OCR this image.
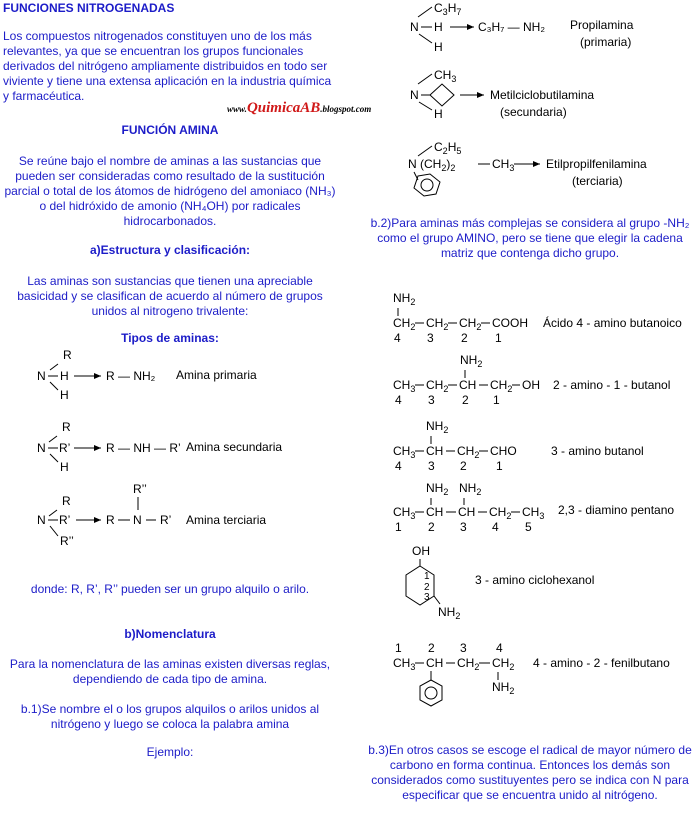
FUNCIONES NITROGENADAS
Los compuestos nitrogenados constituyen uno de los más relevantes, ya que se encuentran los grupos funcionales derivados del nitrógeno ampliamente distribuidos en todo ser viviente y tiene una extensa aplicación en la industria química y farmacéutica.
www.QuimicaAB.blogspot.com
FUNCIÓN AMINA
Se reúne bajo el nombre de aminas a las sustancias que pueden ser consideradas como resultado de la sustitución parcial o total de los átomos de hidrógeno del amoniaco (NH₃) o del hidróxido de amonio (NH₄OH) por radicales hidrocarbonados.
a)Estructura y clasificación:
Las aminas son sustancias que tienen una apreciable basicidad y se clasifican de acuerdo al número de grupos unidos al nitrogeno trivalente:
Tipos de aminas:
donde: R, R’, R’’ pueden ser un grupo alquilo o arilo.
b)Nomenclatura
Para la nomenclatura de las aminas existen diversas reglas, dependiendo de cada tipo de amina.
b.1)Se nombre el o los grupos alquilos o arilos unidos al nitrógeno y luego se coloca la palabra amina
Ejemplo:
b.2)Para aminas más complejas se considera al grupo -NH₂ como el grupo AMINO, pero se tiene que elegir la cadena matriz que contenga dicho grupo.
b.3)En otros casos se escoge el radical de mayor número de carbono en forma continua. Entonces los demás son considerados como sustituyentes pero se indica con N para especificar que se encuentra unido al nitrógeno.
R
N H
H
R — NH₂ Amina primaria
R
N R’
H
R — NH — R’ Amina secundaria
R
N R’
R’’
R N R’
R’’
Amina terciaria
$C_3H_7$
N H
H
C₃H₇ — NH₂ Propilamina
(primaria)
$CH_3$
N
H
Metilciclobutilamina
(secundaria)
$C_2H_5$
N $(CH_2)_2$	$CH_3$	Etilpropilfenilamina
(terciaria)
$NH_2$
$CH_2$ $CH_2$ $CH_2$ COOH Ácido 4 - amino butanoico
4 3 2 1
$NH_2$
$CH_3$ $CH_2$ CH $CH_2$ OH 2 - amino - 1 - butanol
4 3 2 1
$NH_2$
$CH_3$ CH $CH_2$ CHO	3 - amino butanol
4 3 2 1
$NH_2$ $NH_2$
$CH_3$ CH CH $CH_2$ $CH_3$ 2,3 - diamino pentano
1 2 3 4 5
OH
1
2
3
$NH_2$
3 - amino ciclohexanol
1 2 3 4
$CH_3$ CH $CH_2$ $CH_2$
$NH_2$
4 - amino - 2 - fenilbutano
